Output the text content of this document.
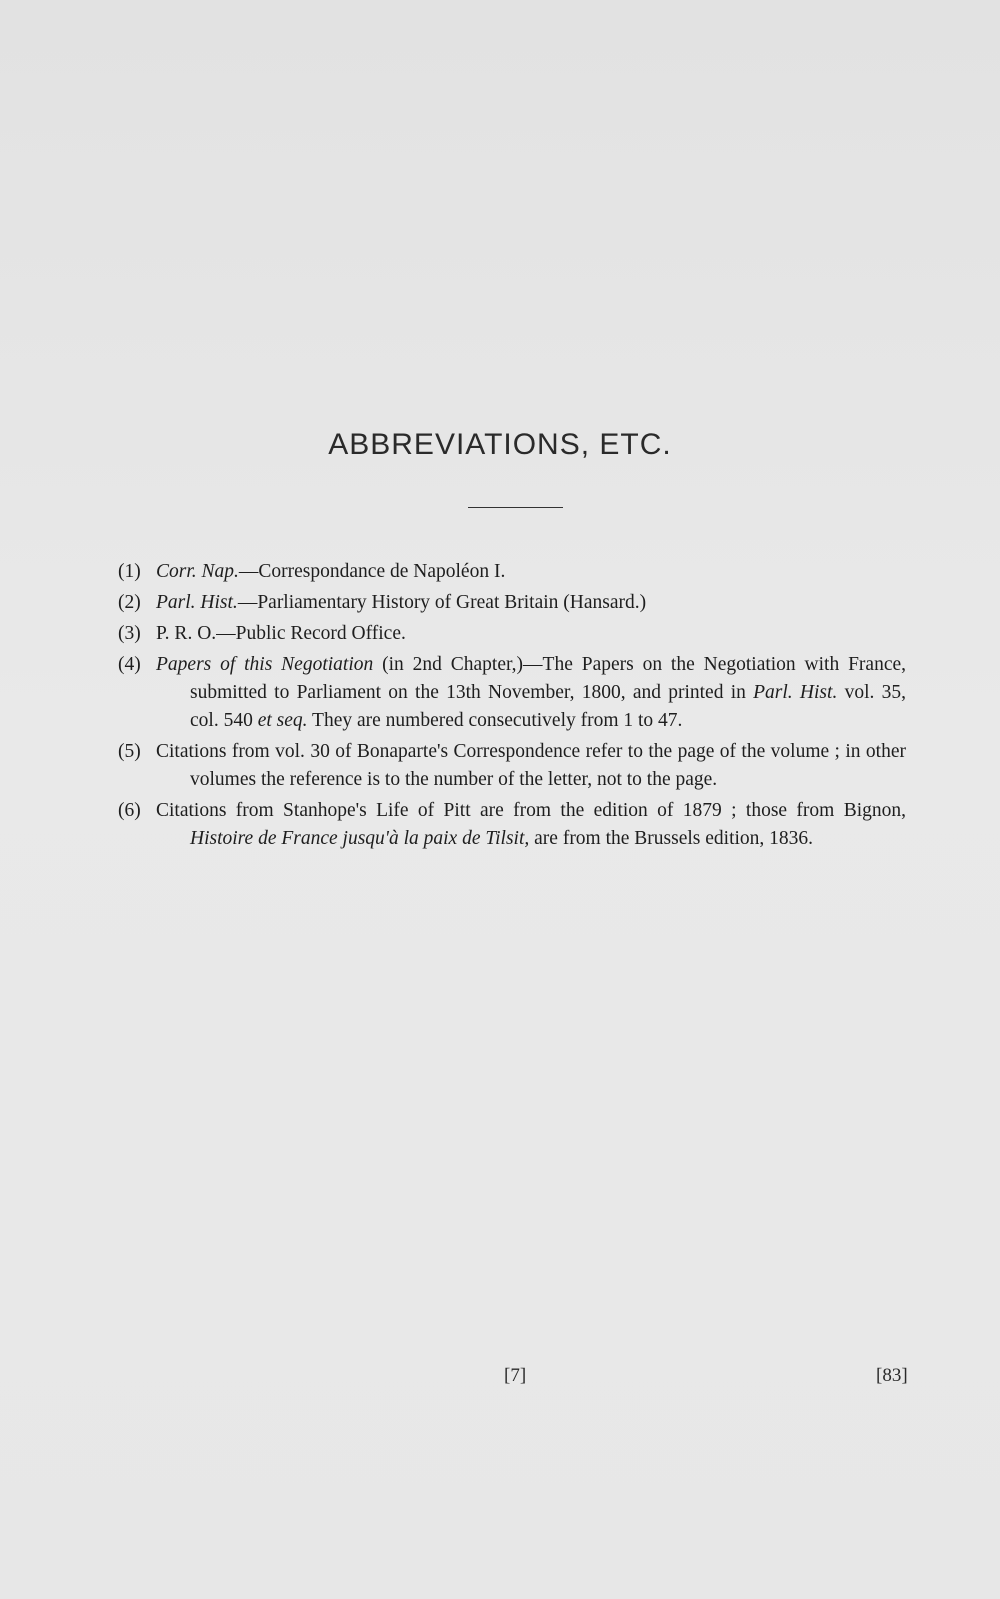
ABBREVIATIONS, ETC.
(1) Corr. Nap.—Correspondance de Napoléon I.
(2) Parl. Hist.—Parliamentary History of Great Britain (Hansard.)
(3) P. R. O.—Public Record Office.
(4) Papers of this Negotiation (in 2nd Chapter,)—The Papers on the Negotiation with France, submitted to Parliament on the 13th November, 1800, and printed in Parl. Hist. vol. 35, col. 540 et seq. They are numbered consecutively from 1 to 47.
(5) Citations from vol. 30 of Bonaparte's Correspondence refer to the page of the volume ; in other volumes the reference is to the number of the letter, not to the page.
(6) Citations from Stanhope's Life of Pitt are from the edition of 1879 ; those from Bignon, Histoire de France jusqu'à la paix de Tilsit, are from the Brussels edition, 1836.
[7]	[83]
